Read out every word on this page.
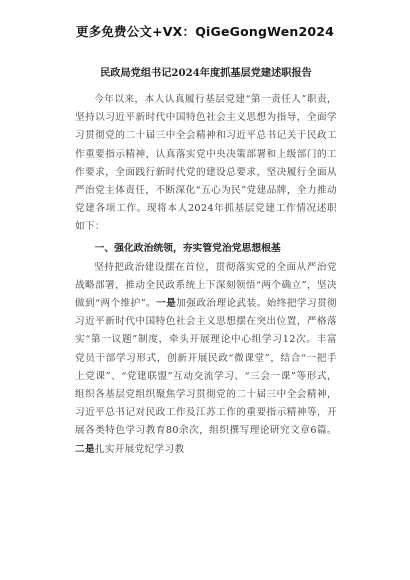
更多免费公文+VX：QiGeGongWen2024
民政局党组书记2024年度抓基层党建述职报告

今年以来，本人认真履行基层党建“第一责任人”职责，坚持以习近平新时代中国特色社会主义思想为指导，全面学习贯彻党的二十届三中全会精神和习近平总书记关于民政工作重要指示精神，认真落实党中央决策部署和上级部门的工作要求，全面践行新时代党的建设总要求，坚决履行全面从严治党主体责任，不断深化“五心为民”党建品牌，全力推动党建各项工作。现将本人2024年抓基层党建工作情况述职如下：

一、强化政治统领，夯实管党治党思想根基

坚持把政治建设摆在首位，贯彻落实党的全面从严治党战略部署，推动全民政系统上下深刻领悟“两个确立”，坚决做到“两个维护”。一是加强政治理论武装。始终把学习贯彻习近平新时代中国特色社会主义思想摆在突出位置，严格落实“第一议题”制度，牵头开展理论中心组学习12次。丰富党员干部学习形式，创新开展民政“微课堂”，结合“一把手上党课”、“党建联盟”互动交流学习、“三会一课”等形式，组织各基层党组织聚焦学习贯彻党的二十届三中全会精神，习近平总书记对民政工作及江苏工作的重要指示精神等，开展各类特色学习教育80余次，组织撰写理论研究文章6篇。二是扎实开展党纪学习教
